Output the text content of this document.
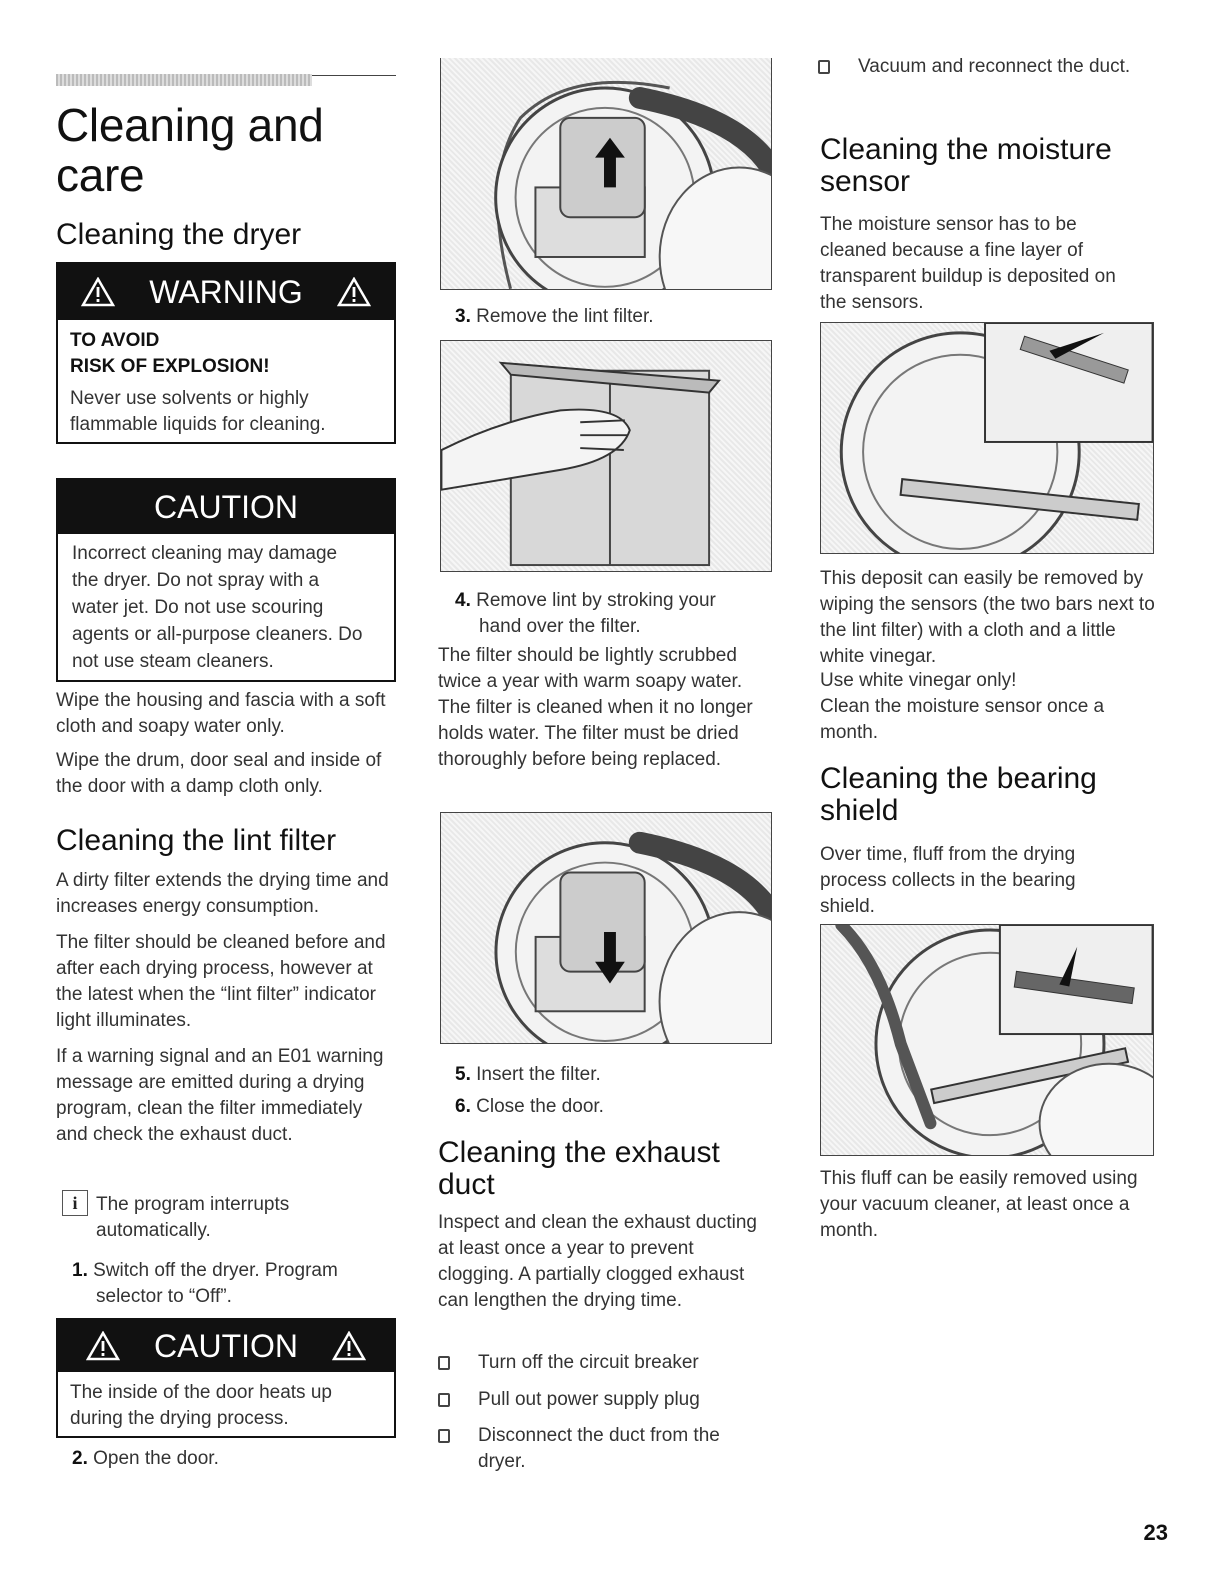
Cleaning and
care
Cleaning the dryer
WARNING
TO AVOID
RISK OF EXPLOSION!
Never use solvents or highly flammable liquids for cleaning.
CAUTION
Incorrect cleaning may damage the dryer. Do not spray with a water jet. Do not use scouring agents or all-purpose cleaners. Do not use steam cleaners.

Wipe the housing and fascia with a soft cloth and soapy water only.

Wipe the drum, door seal and inside of the door with a damp cloth only.

Cleaning the lint filter

A dirty filter extends the drying time and increases energy consumption.

The filter should be cleaned before and after each drying process, however at the latest when the “lint filter” indicator light illuminates.

If a warning signal and an E01 warning message are emitted during a drying program, clean the filter immediately and check the exhaust duct.

i The program interrupts automatically.

1. Switch off the dryer. Program selector to “Off”.

CAUTION
The inside of the door heats up during the drying process.

2. Open the door.

3. Remove the lint filter.

4. Remove lint by stroking your hand over the filter.

The filter should be lightly scrubbed twice a year with warm soapy water. The filter is cleaned when it no longer holds water. The filter must be dried thoroughly before being replaced.

5. Insert the filter.

6. Close the door.

Cleaning the exhaust duct

Inspect and clean the exhaust ducting at least once a year to prevent clogging. A partially clogged exhaust can lengthen the drying time.

Turn off the circuit breaker
Pull out power supply plug
Disconnect the duct from the dryer.
Vacuum and reconnect the duct.
Cleaning the moisture sensor

The moisture sensor has to be cleaned because a fine layer of transparent buildup is deposited on the sensors.

This deposit can easily be removed by wiping the sensors (the two bars next to the lint filter) with a cloth and a little white vinegar.

Use white vinegar only!

Clean the moisture sensor once a month.

Cleaning the bearing shield

Over time, fluff from the drying process collects in the bearing shield.

This fluff can be easily removed using your vacuum cleaner, at least once a month.

23
